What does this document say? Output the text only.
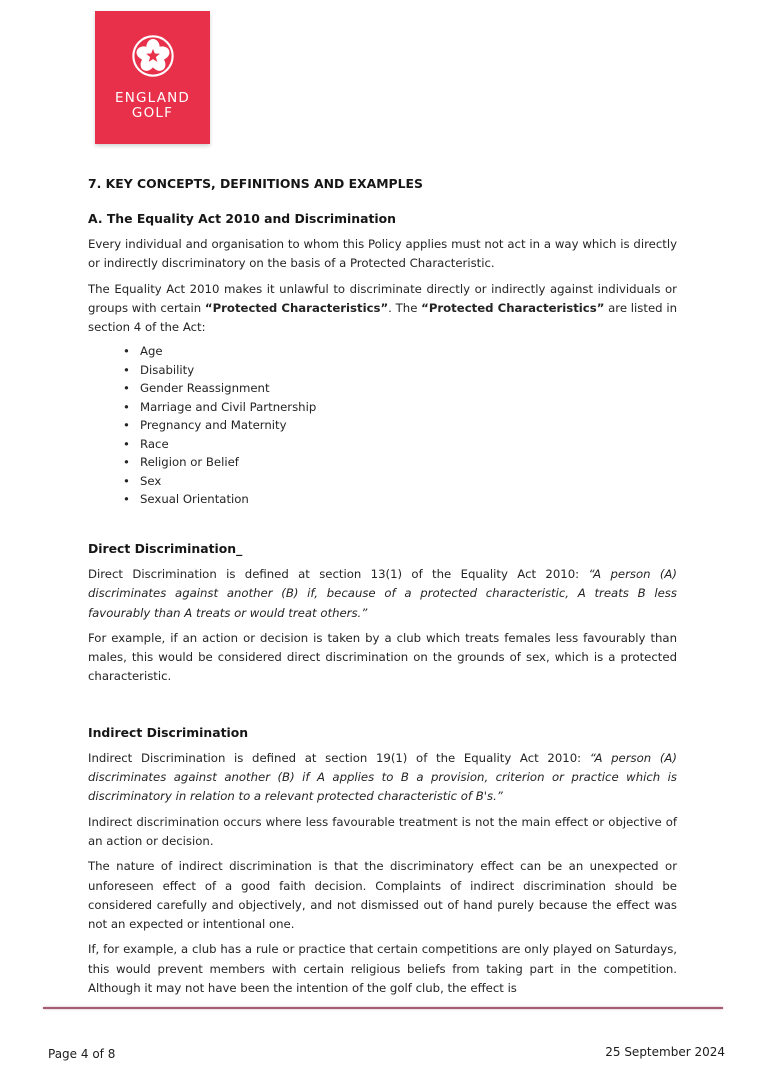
ENGLAND
GOLF
7. KEY CONCEPTS, DEFINITIONS AND EXAMPLES
A. The Equality Act 2010 and Discrimination

Every individual and organisation to whom this Policy applies must not act in a way which is directly or indirectly discriminatory on the basis of a Protected Characteristic.

The Equality Act 2010 makes it unlawful to discriminate directly or indirectly against individuals or groups with certain “Protected Characteristics”. The “Protected Characteristics” are listed in section 4 of the Act:

• Age
• Disability
• Gender Reassignment
• Marriage and Civil Partnership
• Pregnancy and Maternity
• Race
• Religion or Belief
• Sex
• Sexual Orientation
Direct Discrimination_

Direct Discrimination is defined at section 13(1) of the Equality Act 2010: “A person (A) discriminates against another (B) if, because of a protected characteristic, A treats B less favourably than A treats or would treat others.”

For example, if an action or decision is taken by a club which treats females less favourably than males, this would be considered direct discrimination on the grounds of sex, which is a protected characteristic.

Indirect Discrimination

Indirect Discrimination is defined at section 19(1) of the Equality Act 2010: “A person (A) discriminates against another (B) if A applies to B a provision, criterion or practice which is discriminatory in relation to a relevant protected characteristic of B's.”

Indirect discrimination occurs where less favourable treatment is not the main effect or objective of an action or decision.

The nature of indirect discrimination is that the discriminatory effect can be an unexpected or unforeseen effect of a good faith decision. Complaints of indirect discrimination should be considered carefully and objectively, and not dismissed out of hand purely because the effect was not an expected or intentional one.

If, for example, a club has a rule or practice that certain competitions are only played on Saturdays, this would prevent members with certain religious beliefs from taking part in the competition. Although it may not have been the intention of the golf club, the effect is

Page 4 of 8	25 September 2024
